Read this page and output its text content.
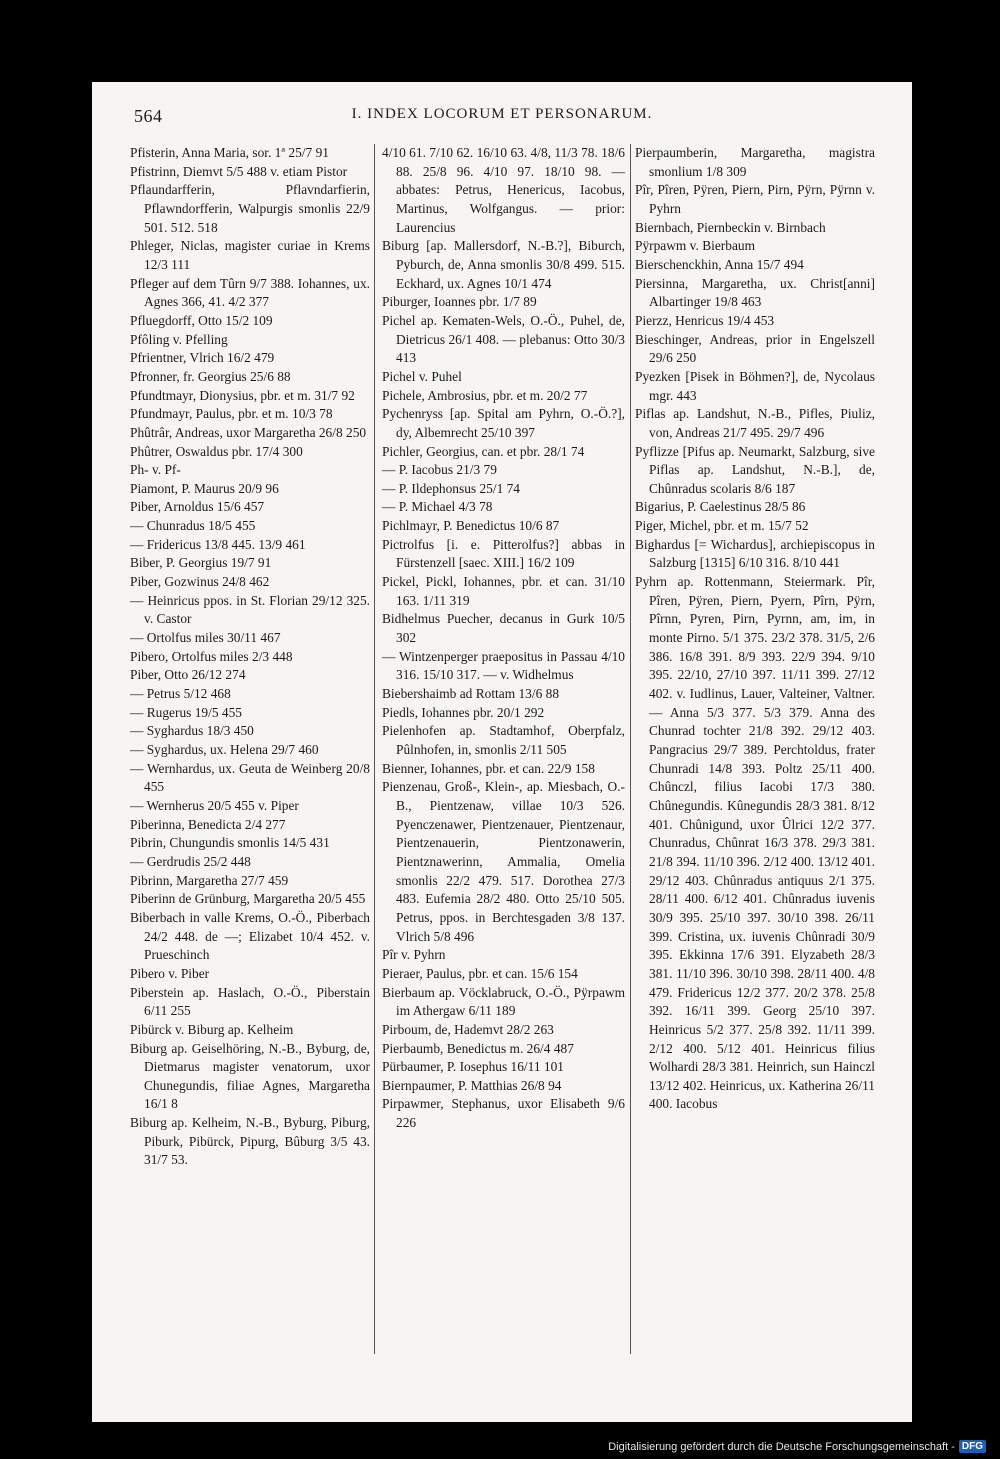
564	I. INDEX LOCORUM ET PERSONARUM.
Pfisterin, Anna Maria, sor. 1ª 25/7 91
Pfistrinn, Diemvt 5/5 488 v. etiam Pistor
Pflaundarfferin, Pflavndarfierin, Pflawndorfferin, Walpurgis smonlis 22/9 501. 512. 518
Phleger, Niclas, magister curiae in Krems 12/3 111
Pfleger auf dem Tûrn 9/7 388. Iohannes, ux. Agnes 366, 41. 4/2 377
Pfluegdorff, Otto 15/2 109
Pfôling v. Pfelling
Pfrientner, Vlrich 16/2 479
Pfronner, fr. Georgius 25/6 88
Pfundtmayr, Dionysius, pbr. et m. 31/7 92
Pfundmayr, Paulus, pbr. et m. 10/3 78
Phûtrâr, Andreas, uxor Margaretha 26/8 250
Phûtrer, Oswaldus pbr. 17/4 300
Ph- v. Pf-
Piamont, P. Maurus 20/9 96
Piber, Arnoldus 15/6 457
— Chunradus 18/5 455
— Fridericus 13/8 445. 13/9 461
Biber, P. Georgius 19/7 91
Piber, Gozwinus 24/8 462
— Heinricus ppos. in St. Florian 29/12 325. v. Castor
— Ortolfus miles 30/11 467
Pibero, Ortolfus miles 2/3 448
Piber, Otto 26/12 274
— Petrus 5/12 468
— Rugerus 19/5 455
— Syghardus 18/3 450
— Syghardus, ux. Helena 29/7 460
— Wernhardus, ux. Geuta de Weinberg 20/8 455
— Wernherus 20/5 455 v. Piper
Piberinna, Benedicta 2/4 277
Pibrin, Chungundis smonlis 14/5 431
— Gerdrudis 25/2 448
Pibrinn, Margaretha 27/7 459
Piberinn de Grünburg, Margaretha 20/5 455
Biberbach in valle Krems, O.-Ö., Piberbach 24/2 448. de —; Elizabet 10/4 452. v. Prueschinch
Pibero v. Piber
Piberstein ap. Haslach, O.-Ö., Piberstain 6/11 255
Pibürck v. Biburg ap. Kelheim
Biburg ap. Geiselhöring, N.-B., Byburg, de, Dietmarus magister venatorum, uxor Chunegundis, filiae Agnes, Margaretha 16/1 8
Biburg ap. Kelheim, N.-B., Byburg, Piburg, Piburk, Pibürck, Pipurg, Bûburg 3/5 43. 31/7 53.
4/10 61. 7/10 62. 16/10 63. 4/8, 11/3 78. 18/6 88. 25/8 96. 4/10 97. 18/10 98. — abbates: Petrus, Henericus, Iacobus, Martinus, Wolfgangus. — prior: Laurencius
Biburg [ap. Mallersdorf, N.-B.?], Biburch, Pyburch, de, Anna smonlis 30/8 499. 515. Eckhard, ux. Agnes 10/1 474
Piburger, Ioannes pbr. 1/7 89
Pichel ap. Kematen-Wels, O.-Ö., Puhel, de, Dietricus 26/1 408. — plebanus: Otto 30/3 413
Pichel v. Puhel
Pichele, Ambrosius, pbr. et m. 20/2 77
Pychenryss [ap. Spital am Pyhrn, O.-Ö.?], dy, Albemrecht 25/10 397
Pichler, Georgius, can. et pbr. 28/1 74
— P. Iacobus 21/3 79
— P. Ildephonsus 25/1 74
— P. Michael 4/3 78
Pichlmayr, P. Benedictus 10/6 87
Pictrolfus [i. e. Pitterolfus?] abbas in Fürstenzell [saec. XIII.] 16/2 109
Pickel, Pickl, Iohannes, pbr. et can. 31/10 163. 1/11 319
Bidhelmus Puecher, decanus in Gurk 10/5 302
— Wintzenperger praepositus in Passau 4/10 316. 15/10 317. — v. Widhelmus
Biebershaimb ad Rottam 13/6 88
Piedls, Iohannes pbr. 20/1 292
Pielenhofen ap. Stadtamhof, Oberpfalz, Pûlnhofen, in, smonlis 2/11 505
Bienner, Iohannes, pbr. et can. 22/9 158
Pienzenau, Groß-, Klein-, ap. Miesbach, O.-B., Pientzenaw, villae 10/3 526. Pyenczenawer, Pientzenauer, Pientzenaur, Pientzenauerin, Pientzonawerin, Pientznawerinn, Ammalia, Omelia smonlis 22/2 479. 517. Dorothea 27/3 483. Eufemia 28/2 480. Otto 25/10 505. Petrus, ppos. in Berchtesgaden 3/8 137. Vlrich 5/8 496
Pîr v. Pyhrn
Pieraer, Paulus, pbr. et can. 15/6 154
Bierbaum ap. Vöcklabruck, O.-Ö., Pÿrpawm im Athergaw 6/11 189
Pirboum, de, Hademvt 28/2 263
Pierbaumb, Benedictus m. 26/4 487
Pürbaumer, P. Iosephus 16/11 101
Biernpaumer, P. Matthias 26/8 94
Pirpawmer, Stephanus, uxor Elisabeth 9/6 226
Pierpaumberin, Margaretha, magistra smonlium 1/8 309
Pîr, Pîren, Pÿren, Piern, Pirn, Pÿrn, Pÿrnn v. Pyhrn
Biernbach, Piernbeckin v. Birnbach
Pÿrpawm v. Bierbaum
Bierschenckhin, Anna 15/7 494
Piersinna, Margaretha, ux. Christ[anni] Albartinger 19/8 463
Pierzz, Henricus 19/4 453
Bieschinger, Andreas, prior in Engelszell 29/6 250
Pyezken [Pisek in Böhmen?], de, Nycolaus mgr. 443
Piflas ap. Landshut, N.-B., Pifles, Piuliz, von, Andreas 21/7 495. 29/7 496
Pyflizze [Pifus ap. Neumarkt, Salzburg, sive Piflas ap. Landshut, N.-B.], de, Chûnradus scolaris 8/6 187
Bigarius, P. Caelestinus 28/5 86
Piger, Michel, pbr. et m. 15/7 52
Bighardus [= Wichardus], archiepiscopus in Salzburg [1315] 6/10 316. 8/10 441
Pyhrn ap. Rottenmann, Steiermark. Pîr, Pîren, Pÿren, Piern, Pyern, Pîrn, Pÿrn, Pîrnn, Pyren, Pirn, Pyrnn, am, im, in monte Pirno. 5/1 375. 23/2 378. 31/5, 2/6 386. 16/8 391. 8/9 393. 22/9 394. 9/10 395. 22/10, 27/10 397. 11/11 399. 27/12 402. v. Iudlinus, Lauer, Valteiner, Valtner. — Anna 5/3 377. 5/3 379. Anna des Chunrad tochter 21/8 392. 29/12 403. Pangracius 29/7 389. Perchtoldus, frater Chunradi 14/8 393. Poltz 25/11 400. Chûnczl, filius Iacobi 17/3 380. Chûnegundis. Kûnegundis 28/3 381. 8/12 401. Chûnigund, uxor Ûlrici 12/2 377. Chunradus, Chûnrat 16/3 378. 29/3 381. 21/8 394. 11/10 396. 2/12 400. 13/12 401. 29/12 403. Chûnradus antiquus 2/1 375. 28/11 400. 6/12 401. Chûnradus iuvenis 30/9 395. 25/10 397. 30/10 398. 26/11 399. Cristina, ux. iuvenis Chûnradi 30/9 395. Ekkinna 17/6 391. Elyzabeth 28/3 381. 11/10 396. 30/10 398. 28/11 400. 4/8 479. Fridericus 12/2 377. 20/2 378. 25/8 392. 16/11 399. Georg 25/10 397. Heinricus 5/2 377. 25/8 392. 11/11 399. 2/12 400. 5/12 401. Heinricus filius Wolhardi 28/3 381. Heinrich, sun Hainczl 13/12 402. Heinricus, ux. Katherina 26/11 400. Iacobus
Digitalisierung gefördert durch die Deutsche Forschungsgemeinschaft - DFG
